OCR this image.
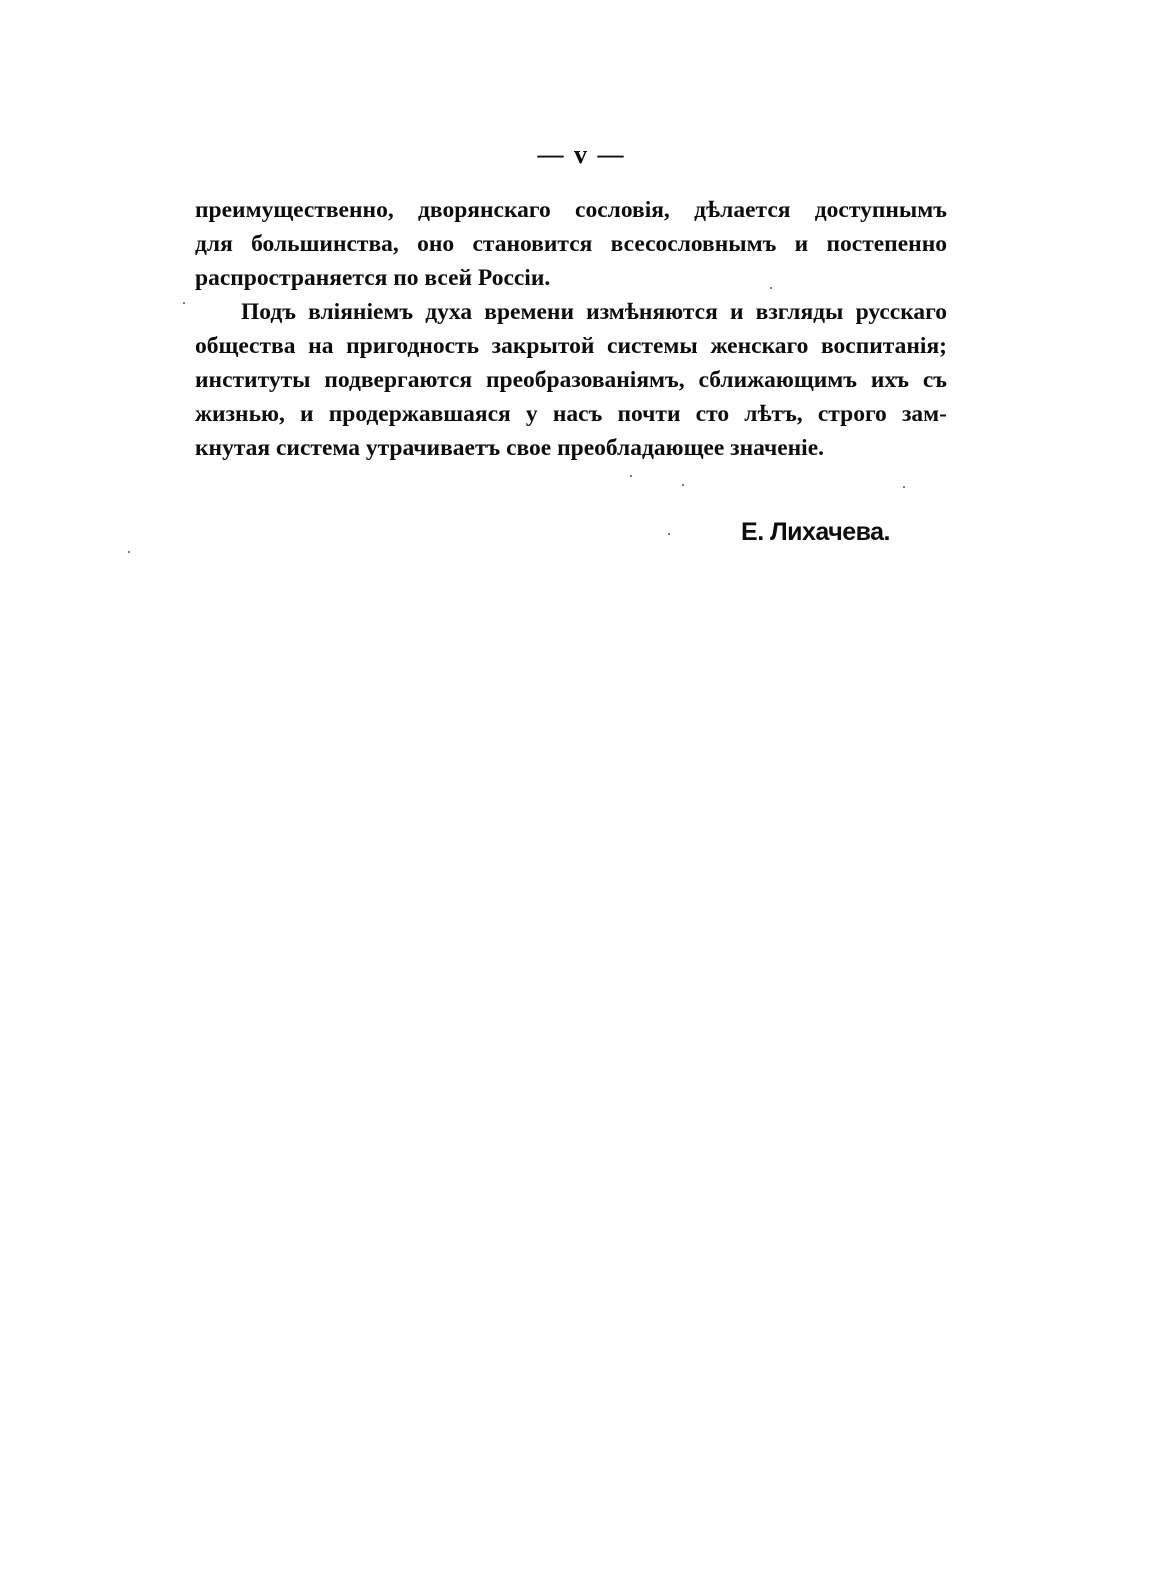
— ᴠ —
преимущественно, дворянскаго сословія, дѣлается доступнымъ
для большинства, оно становится всесословнымъ и постепенно
распространяется по всей Россіи.
Подъ вліяніемъ духа времени измѣняются и взгляды русскаго
общества на пригодность закрытой системы женскаго воспитанія;
институты подвергаются преобразованіямъ, сближающимъ ихъ съ
жизнью, и продержавшаяся у насъ почти сто лѣтъ, строго зам-
кнутая система утрачиваетъ свое преобладающее значеніе.
Е. Лихачева.
